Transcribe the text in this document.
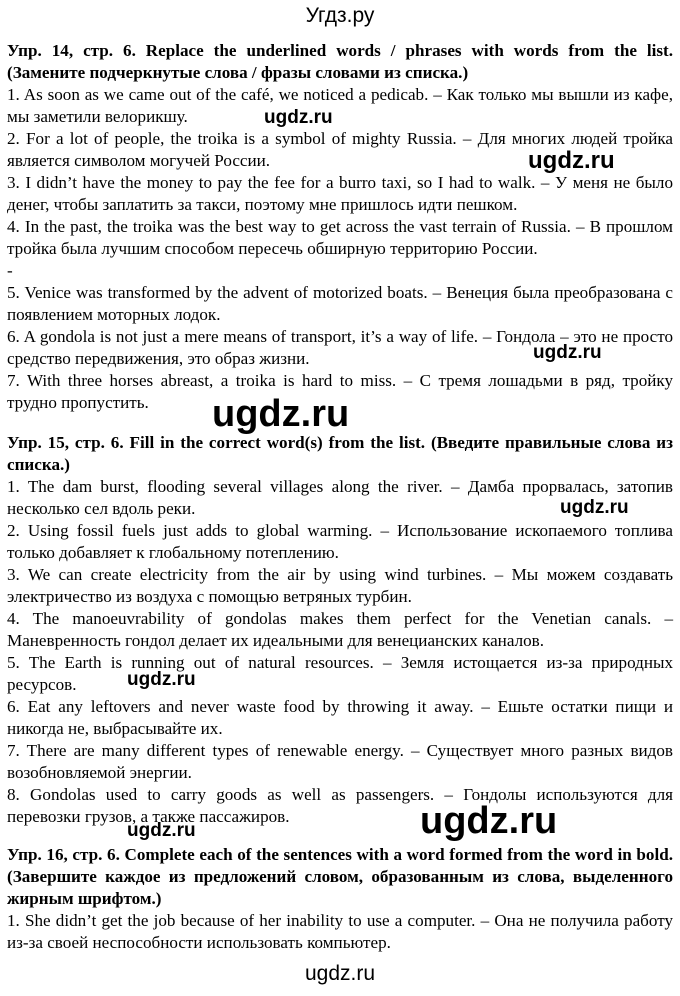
Угдз.ру

Упр. 14, стр. 6. Replace the underlined words / phrases with words from the list. (Замените подчеркнутые слова / фразы словами из списка.)

1. As soon as we came out of the café, we noticed a pedicab. – Как только мы вышли из кафе, мы заметили велорикшу.

2. For a lot of people, the troika is a symbol of mighty Russia. – Для многих людей тройка является символом могучей России.

3. I didn’t have the money to pay the fee for a burro taxi, so I had to walk. – У меня не было денег, чтобы заплатить за такси, поэтому мне пришлось идти пешком.

4. In the past, the troika was the best way to get across the vast terrain of Russia. – В прошлом тройка была лучшим способом пересечь обширную территорию России.

-

5. Venice was transformed by the advent of motorized boats. – Венеция была преобразована с появлением моторных лодок.

6. A gondola is not just a mere means of transport, it’s a way of life. – Гондола – это не просто средство передвижения, это образ жизни.

7. With three horses abreast, a troika is hard to miss. – С тремя лошадьми в ряд, тройку трудно пропустить.

Упр. 15, стр. 6. Fill in the correct word(s) from the list. (Введите правильные слова из списка.)

1. The dam burst, flooding several villages along the river. – Дамба прорвалась, затопив несколько сел вдоль реки.

2. Using fossil fuels just adds to global warming. – Использование ископаемого топлива только добавляет к глобальному потеплению.

3. We can create electricity from the air by using wind turbines. – Мы можем создавать электричество из воздуха с помощью ветряных турбин.

4. The manoeuvrability of gondolas makes them perfect for the Venetian canals. – Маневренность гондол делает их идеальными для венецианских каналов.

5. The Earth is running out of natural resources. – Земля истощается из-за природных ресурсов.

6. Eat any leftovers and never waste food by throwing it away. – Ешьте остатки пищи и никогда не, выбрасывайте их.

7. There are many different types of renewable energy. – Существует много разных видов возобновляемой энергии.

8. Gondolas used to carry goods as well as passengers. – Гондолы используются для перевозки грузов, а также пассажиров.

Упр. 16, стр. 6. Complete each of the sentences with a word formed from the word in bold. (Завершите каждое из предложений словом, образованным из слова, выделенного жирным шрифтом.)

1. She didn’t get the job because of her inability to use a computer. – Она не получила работу из-за своей неспособности использовать компьютер.

ugdz.ru
ugdz.ru
ugdz.ru
ugdz.ru
ugdz.ru
ugdz.ru
ugdz.ru
ugdz.ru
ugdz.ru
